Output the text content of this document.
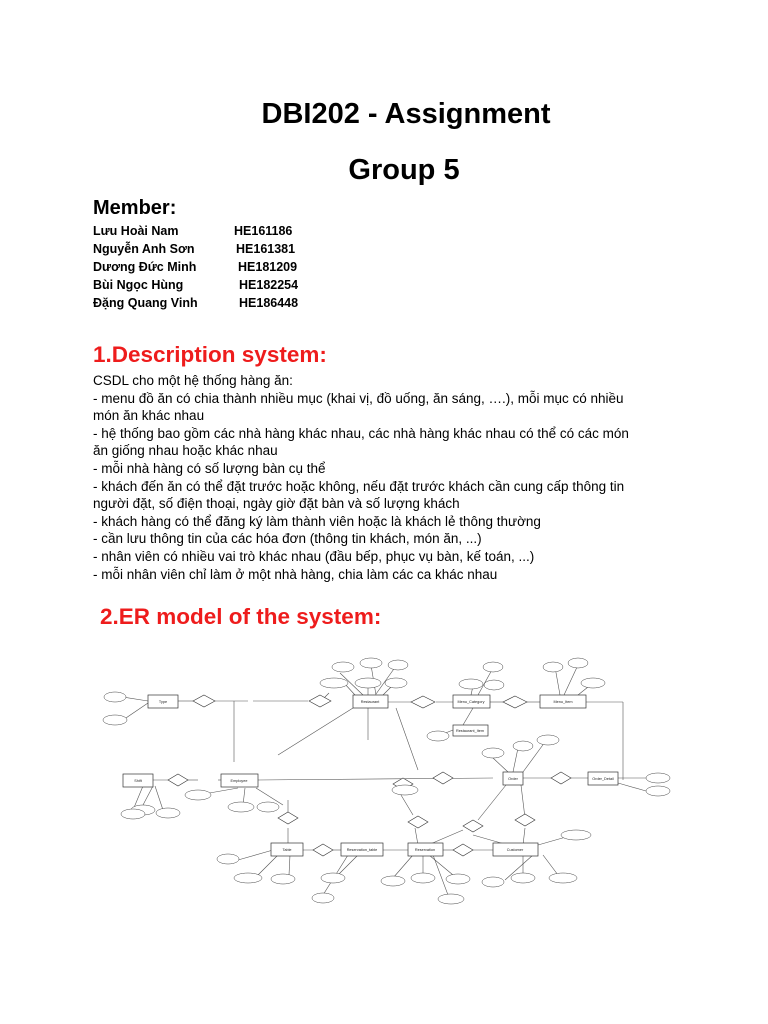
DBI202 - Assignment
Group 5
Member:
Lưu Hoài Nam	HE161186
Nguyễn Anh Sơn	HE161381
Dương Đức Minh	HE181209
Bùi Ngọc Hùng	HE182254
Đặng Quang Vinh	HE186448
1.Description system:
CSDL cho một hệ thống hàng ăn:
- menu đồ ăn có chia thành nhiều mục (khai vị, đồ uống, ăn sáng, ….), mỗi mục có nhiều
món ăn khác nhau
- hệ thống bao gồm các nhà hàng khác nhau, các nhà hàng khác nhau có thể có các món
ăn giống nhau hoặc khác nhau
- mỗi nhà hàng có số lượng bàn cụ thể
- khách đến ăn có thể đặt trước hoặc không, nếu đặt trước khách cần cung cấp thông tin
người đặt, số điện thoại, ngày giờ đặt bàn và số lượng khách
- khách hàng có thể đăng ký làm thành viên hoặc là khách lẻ thông thường
- cần lưu thông tin của các hóa đơn (thông tin khách, món ăn, ...)
- nhân viên có nhiều vai trò khác nhau (đầu bếp, phục vụ bàn, kế toán, ...)
- mỗi nhân viên chỉ làm ở một nhà hàng, chia làm các ca khác nhau
2.ER model of the system:
Type	Restaurant	Menu_Category	Menu_Item
Restaurant_Item
Shift	Employee	Order	Order_Detail
Table	Reservation_table	Reservation	Customer
